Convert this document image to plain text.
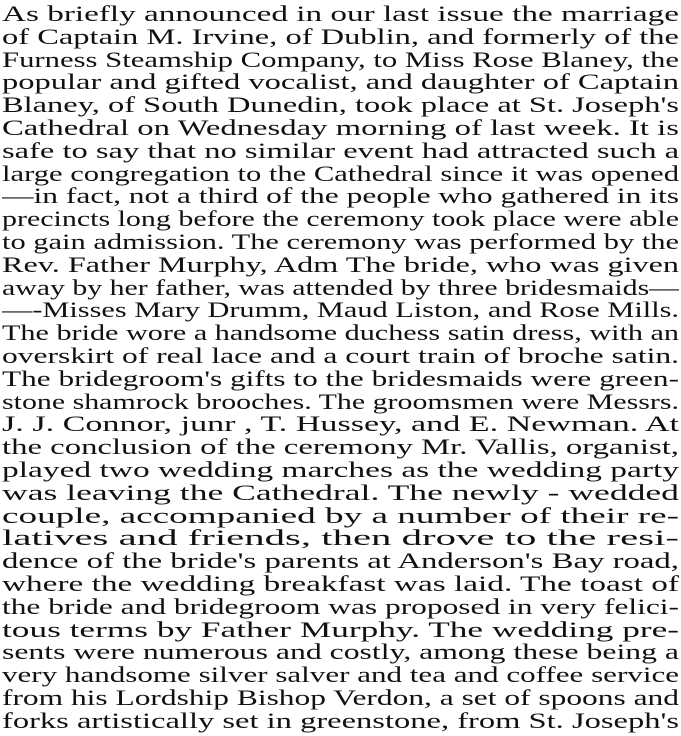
As briefly announced in our last issue the marriage
of Captain M. Irvine, of Dublin, and formerly of the
Furness Steamship Company, to Miss Rose Blaney, the
popular and gifted vocalist, and daughter of Captain
Blaney, of South Dunedin, took place at St. Joseph's
Cathedral on Wednesday morning of last week. It is
safe to say that no similar event had attracted such a
large congregation to the Cathedral since it was opened
—in fact, not a third of the people who gathered in its
precincts long before the ceremony took place were able
to gain admission. The ceremony was performed by the
Rev. Father Murphy, Adm The bride, who was given
away by her father, was attended by three bridesmaids—
—-Misses Mary Drumm, Maud Liston, and Rose Mills.
The bride wore a handsome duchess satin dress, with an
overskirt of real lace and a court train of broche satin.
The bridegroom's gifts to the bridesmaids were green-
stone shamrock brooches. The groomsmen were Messrs.
J. J. Connor, junr , T. Hussey, and E. Newman. At
the conclusion of the ceremony Mr. Vallis, organist,
played two wedding marches as the wedding party
was leaving the Cathedral. The newly - wedded
couple, accompanied by a number of their re-
latives and friends, then drove to the resi-
dence of the bride's parents at Anderson's Bay road,
where the wedding breakfast was laid. The toast of
the bride and bridegroom was proposed in very felici-
tous terms by Father Murphy. The wedding pre-
sents were numerous and costly, among these being a
very handsome silver salver and tea and coffee service
from his Lordship Bishop Verdon, a set of spoons and
forks artistically set in greenstone, from St. Joseph's
